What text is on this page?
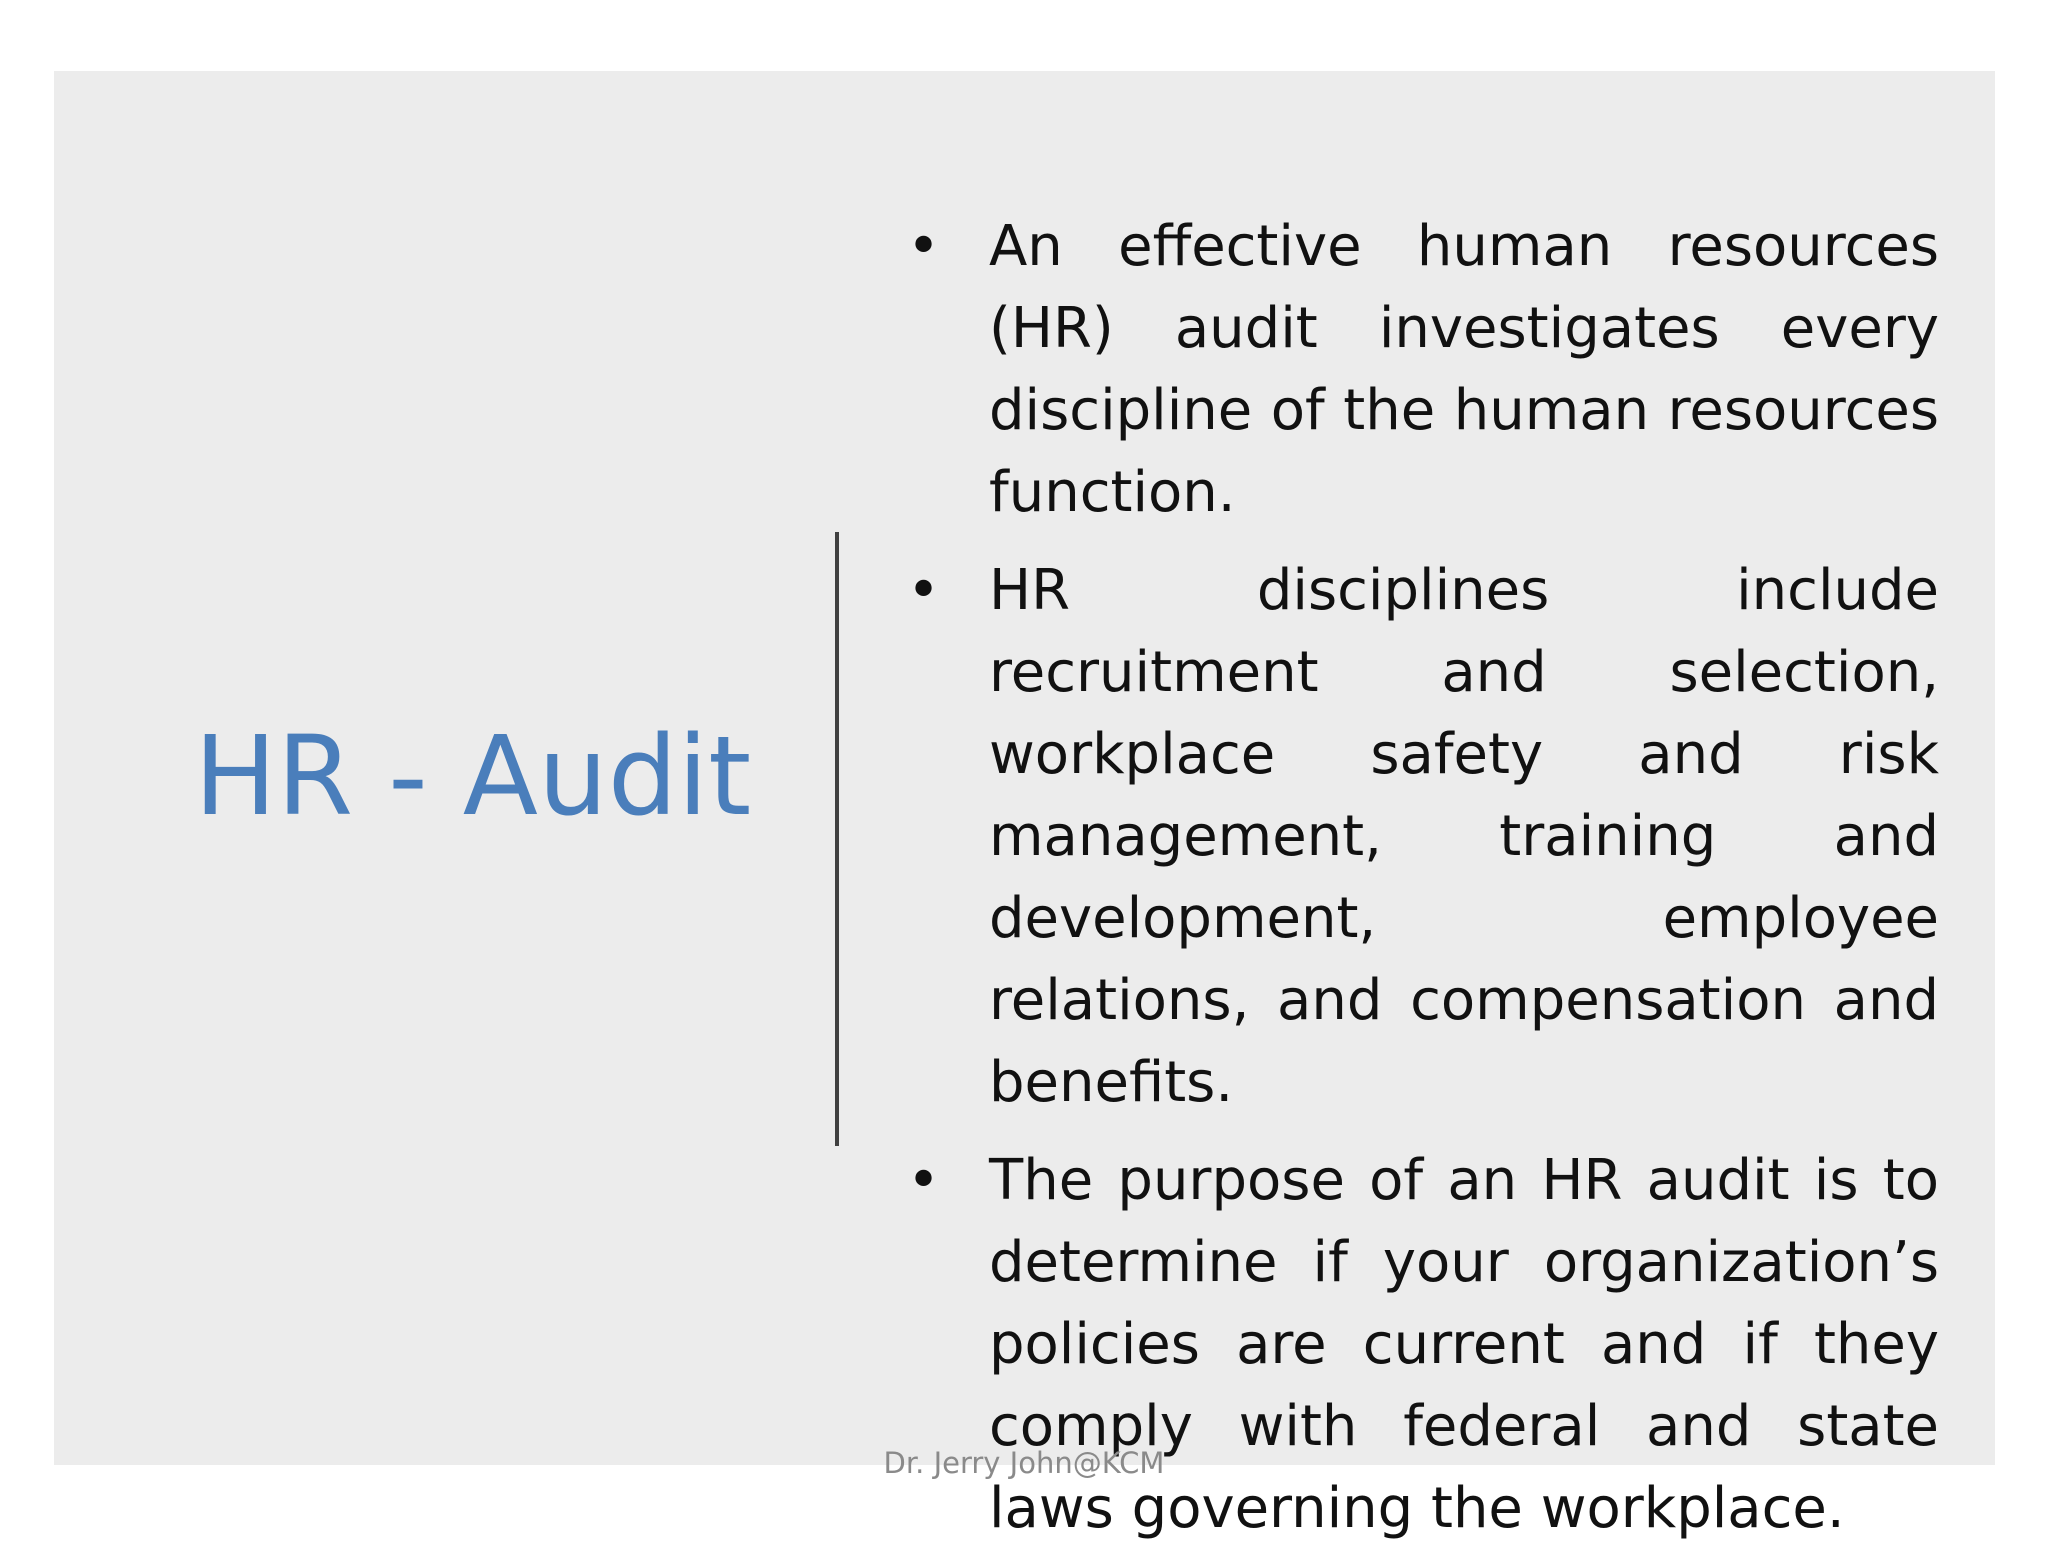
HR - Audit
• An effective human resources (HR) audit investigates every discipline of the human resources function.
• HR disciplines include recruitment and selection, workplace safety and risk management, training and development, employee relations, and compensation and benefits.
• The purpose of an HR audit is to determine if your organization’s policies are current and if they comply with federal and state laws governing the workplace.
Dr. Jerry John@KCM
